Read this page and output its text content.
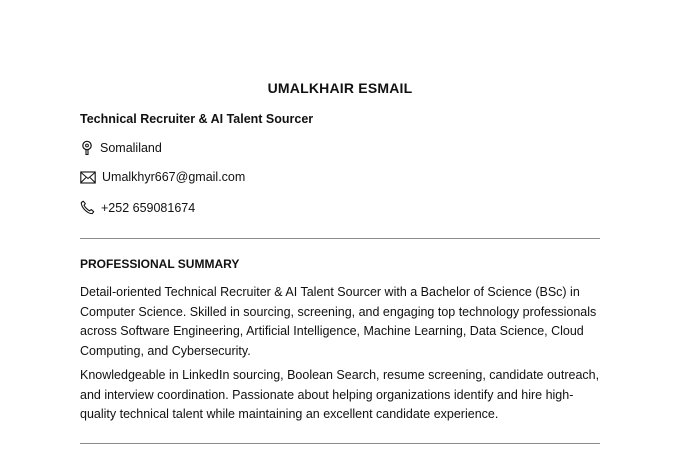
UMALKHAIR ESMAIL
Technical Recruiter & AI Talent Sourcer
Somaliland
Umalkhyr667@gmail.com
+252 659081674
PROFESSIONAL SUMMARY

Detail-oriented Technical Recruiter & AI Talent Sourcer with a Bachelor of Science (BSc) in Computer Science. Skilled in sourcing, screening, and engaging top technology professionals across Software Engineering, Artificial Intelligence, Machine Learning, Data Science, Cloud Computing, and Cybersecurity.

Knowledgeable in LinkedIn sourcing, Boolean Search, resume screening, candidate outreach, and interview coordination. Passionate about helping organizations identify and hire high-quality technical talent while maintaining an excellent candidate experience.
